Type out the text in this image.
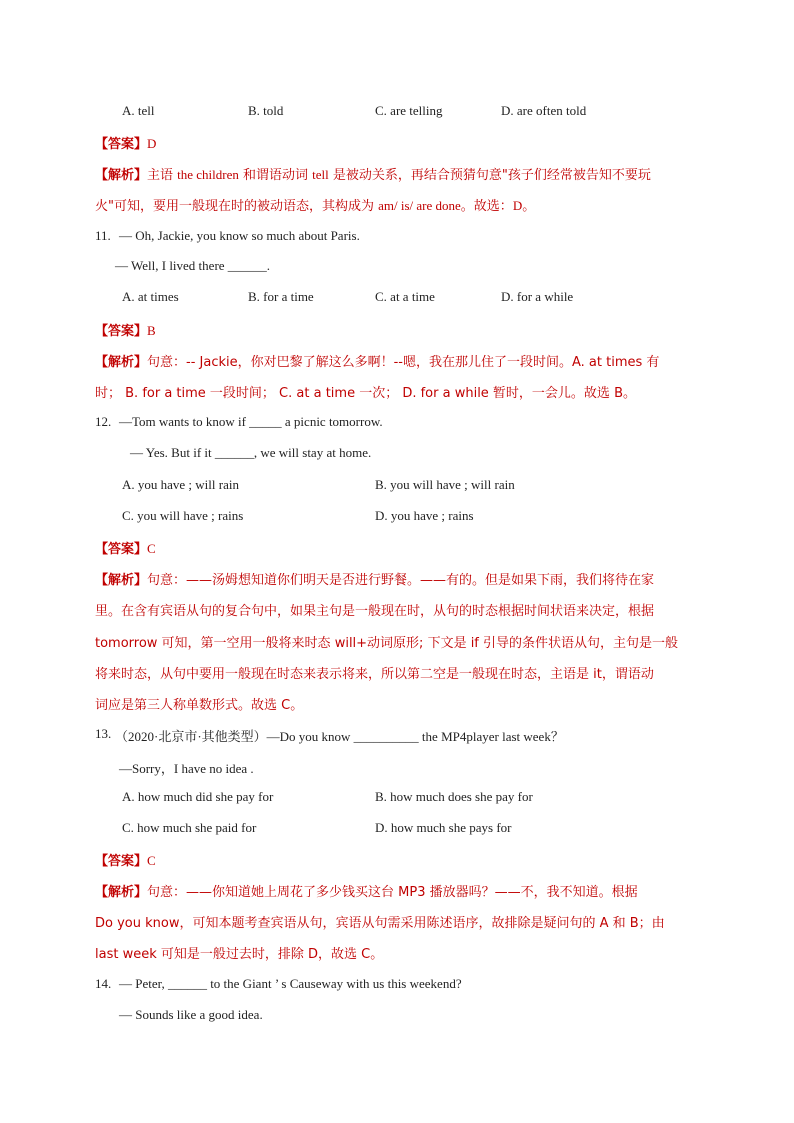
A. tell	B. told	C. are telling	D. are often told
【答案】D
【解析】主语 the children 和谓语动词 tell 是被动关系，再结合预猜句意"孩子们经常被告知不要玩
火"可知，要用一般现在时的被动语态，其构成为 am/ is/ are done。故选：D。
11. — Oh, Jackie, you know so much about Paris.
— Well, I lived there ______.
A. at times	B. for a time	C. at a time	D. for a while
【答案】B
【解析】句意：-- Jackie，你对巴黎了解这么多啊！--嗯，我在那儿住了一段时间。A. at times 有
时； B. for a time 一段时间； C. at a time 一次； D. for a while 暂时，一会儿。故选 B。
12. —Tom wants to know if _____ a picnic tomorrow.
— Yes. But if it ______, we will stay at home.
A. you have ; will rain	B. you will have ; will rain
C. you will have ; rains	D. you have ; rains
【答案】C
【解析】句意：——汤姆想知道你们明天是否进行野餐。——有的。但是如果下雨，我们将待在家
里。在含有宾语从句的复合句中，如果主句是一般现在时，从句的时态根据时间状语来决定，根据
tomorrow 可知，第一空用一般将来时态 will+动词原形; 下文是 if 引导的条件状语从句，主句是一般
将来时态，从句中要用一般现在时态来表示将来，所以第二空是一般现在时态，主语是 it，谓语动
词应是第三人称单数形式。故选 C。
13. （2020·北京市·其他类型）—Do you know __________ the MP4player last week？
—Sorry，I have no idea .
A. how much did she pay for	B. how much does she pay for
C. how much she paid for	D. how much she pays for
【答案】C
【解析】句意：——你知道她上周花了多少钱买这台 MP3 播放器吗？——不，我不知道。根据
Do you know，可知本题考查宾语从句，宾语从句需采用陈述语序，故排除是疑问句的 A 和 B；由
last week 可知是一般过去时，排除 D，故选 C。
14. — Peter, ______ to the Giant ’ s Causeway with us this weekend?
— Sounds like a good idea.
